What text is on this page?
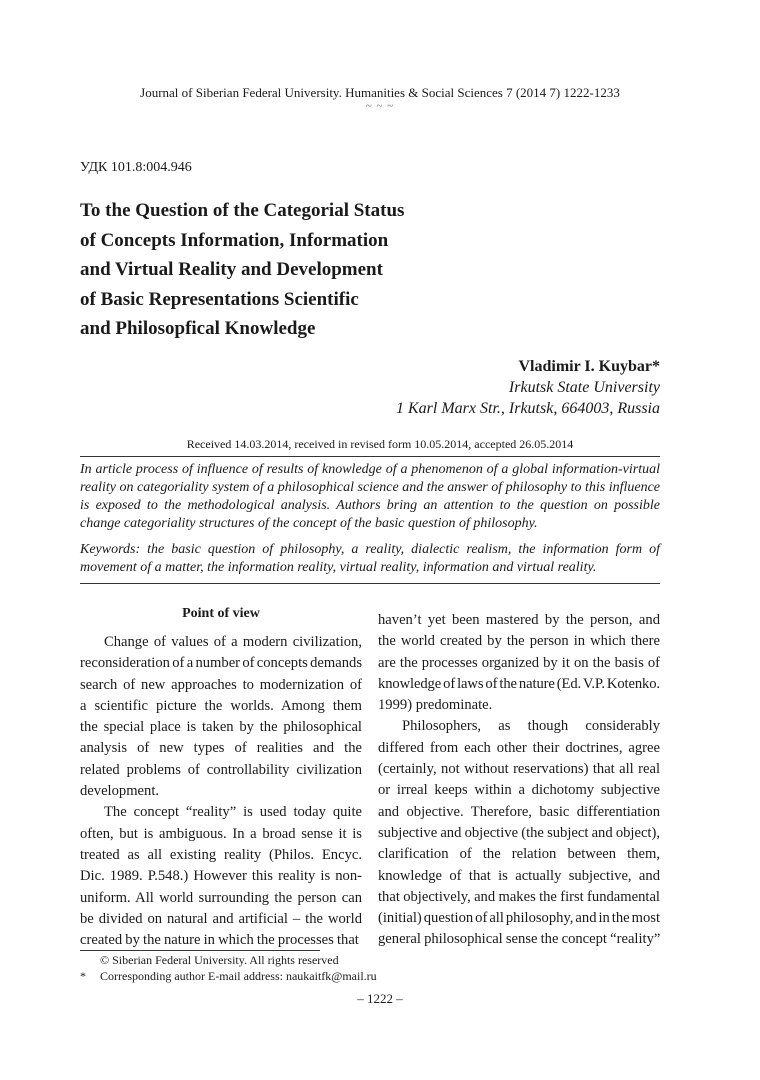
Journal of Siberian Federal University. Humanities & Social Sciences 7 (2014 7) 1222-1233
~ ~ ~
УДК 101.8:004.946
To the Question of the Categorial Status
of Concepts Information, Information
and Virtual Reality and Development
of Basic Representations Scientific
and Philosopfical Knowledge
Vladimir I. Kuybar*
Irkutsk State University
1 Karl Marx Str., Irkutsk, 664003, Russia
Received 14.03.2014, received in revised form 10.05.2014, accepted 26.05.2014
In article process of influence of results of knowledge of a phenomenon of a global information-virtual reality on categoriality system of a philosophical science and the answer of philosophy to this influence is exposed to the methodological analysis. Authors bring an attention to the question on possible change categoriality structures of the concept of the basic question of philosophy.
Keywords: the basic question of philosophy, a reality, dialectic realism, the information form of movement of a matter, the information reality, virtual reality, information and virtual reality.
Point of view
Change of values of a modern civilization,
reconsideration of a number of concepts demands
search of new approaches to modernization of
a scientific picture the worlds. Among them
the special place is taken by the philosophical
analysis of new types of realities and the
related problems of controllability civilization
development.
The concept “reality” is used today quite
often, but is ambiguous. In a broad sense it is
treated as all existing reality (Philos. Encyc.
Dic. 1989. P.548.) However this reality is non-
uniform. All world surrounding the person can
be divided on natural and artificial – the world
created by the nature in which the processes that
haven’t yet been mastered by the person, and
the world created by the person in which there
are the processes organized by it on the basis of
knowledge of laws of the nature (Ed. V.P. Kotenko.
1999) predominate.
Philosophers, as though considerably
differed from each other their doctrines, agree
(certainly, not without reservations) that all real
or irreal keeps within a dichotomy subjective
and objective. Therefore, basic differentiation
subjective and objective (the subject and object),
clarification of the relation between them,
knowledge of that is actually subjective, and
that objectively, and makes the first fundamental
(initial) question of all philosophy, and in the most
general philosophical sense the concept “reality”
© Siberian Federal University. All rights reserved
* Corresponding author E-mail address: naukaitfk@mail.ru
– 1222 –
